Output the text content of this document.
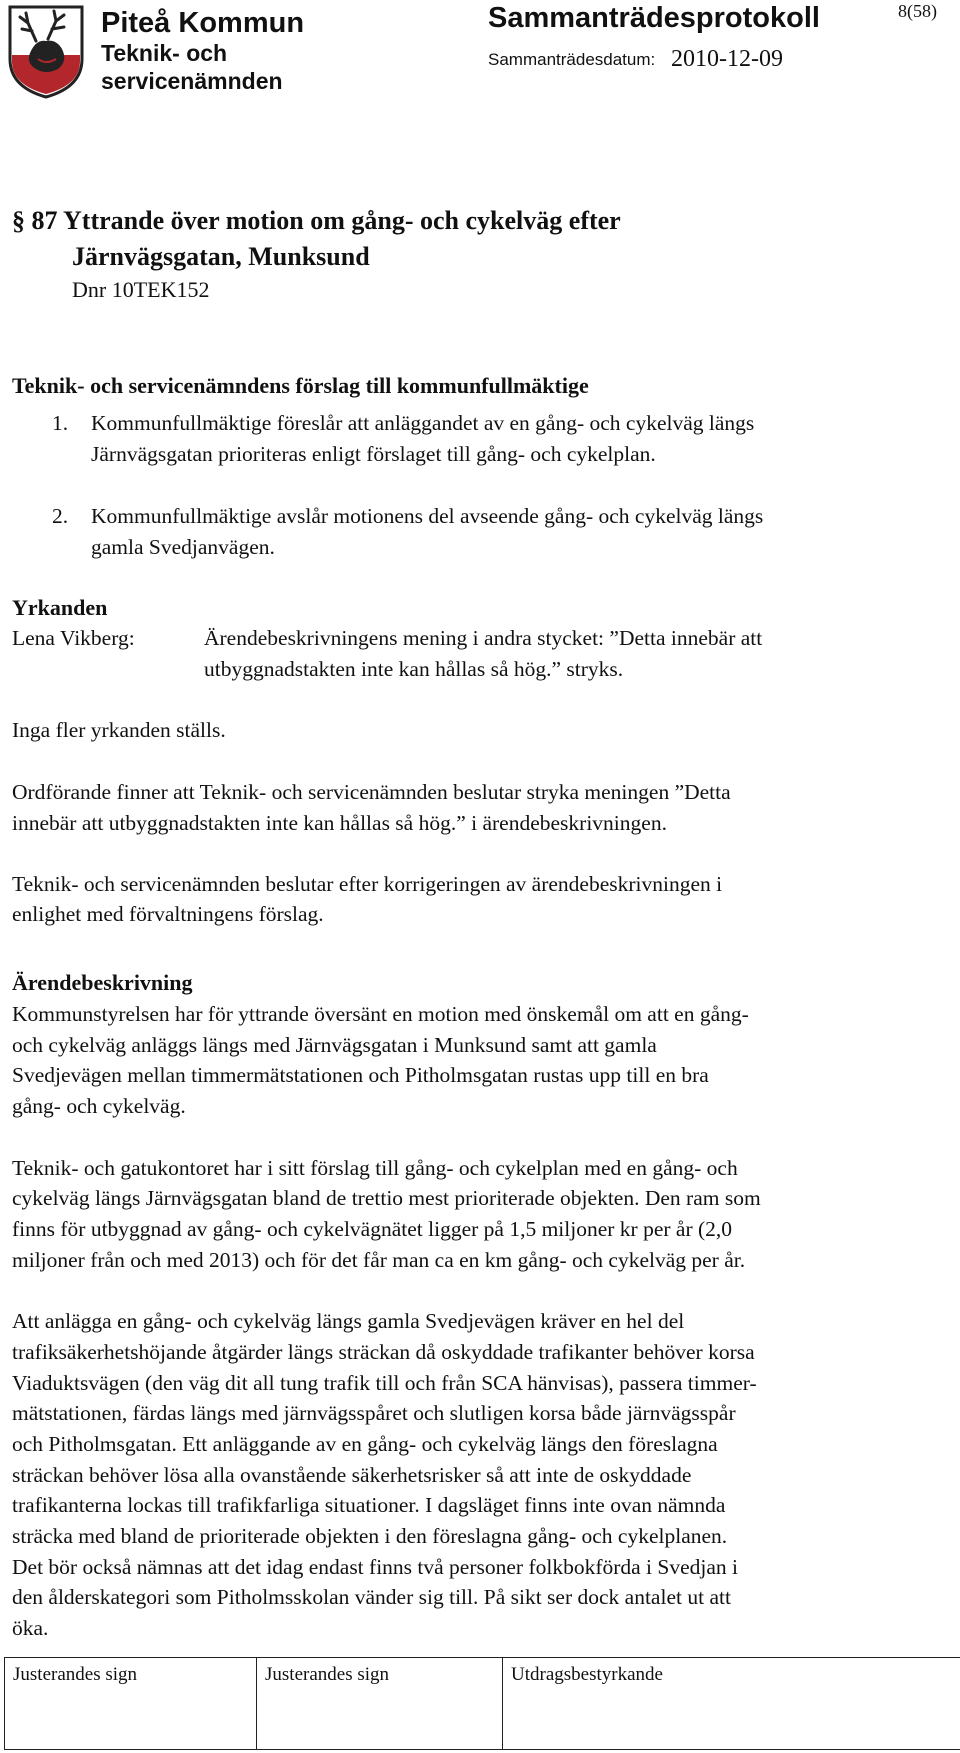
Piteå Kommun
Teknik- och
servicenämnden
Sammanträdesprotokoll
Sammanträdesdatum: 2010-12-09
8(58)
§ 87 Yttrande över motion om gång- och cykelväg efter
Järnvägsgatan, Munksund
Dnr 10TEK152
Teknik- och servicenämndens förslag till kommunfullmäktige
1. Kommunfullmäktige föreslår att anläggandet av en gång- och cykelväg längs
Järnvägsgatan prioriteras enligt förslaget till gång- och cykelplan.
2. Kommunfullmäktige avslår motionens del avseende gång- och cykelväg längs
gamla Svedjanvägen.
Yrkanden
Lena Vikberg:	Ärendebeskrivningens mening i andra stycket: ”Detta innebär att
utbyggnadstakten inte kan hållas så hög.” stryks.
Inga fler yrkanden ställs.
Ordförande finner att Teknik- och servicenämnden beslutar stryka meningen ”Detta
innebär att utbyggnadstakten inte kan hållas så hög.” i ärendebeskrivningen.
Teknik- och servicenämnden beslutar efter korrigeringen av ärendebeskrivningen i
enlighet med förvaltningens förslag.
Ärendebeskrivning
Kommunstyrelsen har för yttrande översänt en motion med önskemål om att en gång-
och cykelväg anläggs längs med Järnvägsgatan i Munksund samt att gamla
Svedjevägen mellan timmermätstationen och Pitholmsgatan rustas upp till en bra
gång- och cykelväg.
Teknik- och gatukontoret har i sitt förslag till gång- och cykelplan med en gång- och
cykelväg längs Järnvägsgatan bland de trettio mest prioriterade objekten. Den ram som
finns för utbyggnad av gång- och cykelvägnätet ligger på 1,5 miljoner kr per år (2,0
miljoner från och med 2013) och för det får man ca en km gång- och cykelväg per år.
Att anlägga en gång- och cykelväg längs gamla Svedjevägen kräver en hel del
trafiksäkerhetshöjande åtgärder längs sträckan då oskyddade trafikanter behöver korsa
Viaduktsvägen (den väg dit all tung trafik till och från SCA hänvisas), passera timmer-
mätstationen, färdas längs med järnvägsspåret och slutligen korsa både järnvägsspår
och Pitholmsgatan. Ett anläggande av en gång- och cykelväg längs den föreslagna
sträckan behöver lösa alla ovanstående säkerhetsrisker så att inte de oskyddade
trafikanterna lockas till trafikfarliga situationer. I dagsläget finns inte ovan nämnda
sträcka med bland de prioriterade objekten i den föreslagna gång- och cykelplanen.
Det bör också nämnas att det idag endast finns två personer folkbokförda i Svedjan i
den ålderskategori som Pitholmsskolan vänder sig till. På sikt ser dock antalet ut att
öka.
Justerandes sign	Justerandes sign	Utdragsbestyrkande
